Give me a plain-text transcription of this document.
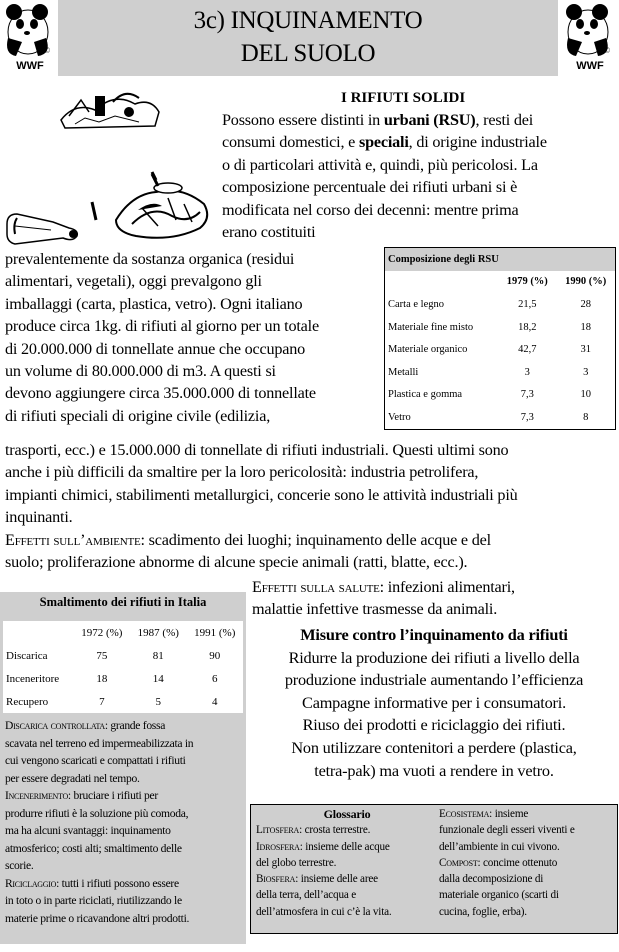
3c) INQUINAMENTO
DEL SUOLO
©
WWF
©
WWF
I RIFIUTI SOLIDI
Possono essere distinti in urbani (RSU), resti dei
consumi domestici, e speciali, di origine industriale
o di particolari attività e, quindi, più pericolosi. La
composizione percentuale dei rifiuti urbani si è
modificata nel corso dei decenni: mentre prima
erano costituiti
prevalentemente da sostanza organica (residui
alimentari, vegetali), oggi prevalgono gli
imballaggi (carta, plastica, vetro). Ogni italiano
produce circa 1kg. di rifiuti al giorno per un totale
di 20.000.000 di tonnellate annue che occupano
un volume di 80.000.000 di m3. A questi si
devono aggiungere circa 35.000.000 di tonnellate
di rifiuti speciali di origine civile (edilizia,
Composizione degli RSU		
	1979 (%)	1990 (%)
Carta e legno	21,5	28
Materiale fine misto	18,2	18
Materiale organico	42,7	31
Metalli	3	3
Plastica e gomma	7,3	10
Vetro	7,3	8
trasporti, ecc.) e 15.000.000 di tonnellate di rifiuti industriali. Questi ultimi sono
anche i più difficili da smaltire per la loro pericolosità: industria petrolifera,
impianti chimici, stabilimenti metallurgici, concerie sono le attività industriali più
inquinanti.
Effetti sull’ambiente: scadimento dei luoghi; inquinamento delle acque e del
suolo; proliferazione abnorme di alcune specie animali (ratti, blatte, ecc.).
Effetti sulla salute: infezioni alimentari,
malattie infettive trasmesse da animali.
Smaltimento dei rifiuti in Italia
	1972 (%)	1987 (%)	1991 (%)
Discarica	75	81	90
Inceneritore	18	14	6
Recupero	7	5	4
Discarica controllata: grande fossa
scavata nel terreno ed impermeabilizzata in
cui vengono scaricati e compattati i rifiuti
per essere degradati nel tempo.
Incenerimento: bruciare i rifiuti per
produrre rifiuti è la soluzione più comoda,
ma ha alcuni svantaggi: inquinamento
atmosferico; costi alti; smaltimento delle
scorie.
Riciclaggio: tutti i rifiuti possono essere
in toto o in parte riciclati, riutilizzando le
materie prime o ricavandone altri prodotti.
Misure contro l’inquinamento da rifiuti
Ridurre la produzione dei rifiuti a livello della
produzione industriale aumentando l’efficienza
Campagne informative per i consumatori.
Riuso dei prodotti e riciclaggio dei rifiuti.
Non utilizzare contenitori a perdere (plastica,
tetra-pak) ma vuoti a rendere in vetro.
Glossario
Litosfera: crosta terrestre.
Idrosfera: insieme delle acque
del globo terrestre.
Biosfera: insieme delle aree
della terra, dell’acqua e
dell’atmosfera in cui c’è la vita.
Ecosistema: insieme
funzionale degli esseri viventi e
dell’ambiente in cui vivono.
Compost: concime ottenuto
dalla decomposizione di
materiale organico (scarti di
cucina, foglie, erba).
